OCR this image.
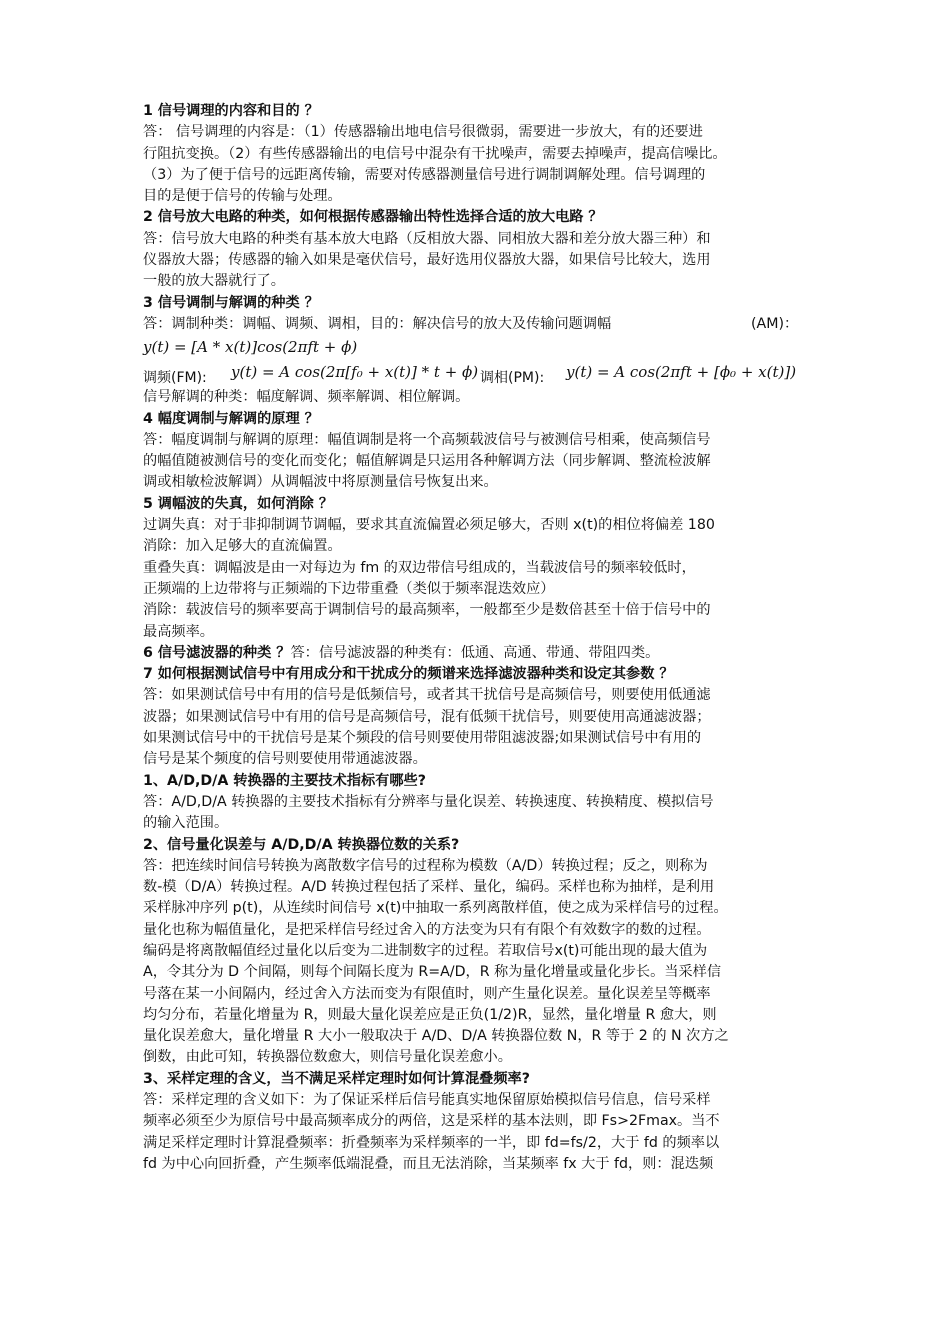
1 信号调理的内容和目的 ？
答： 信号调理的内容是：（1）传感器输出地电信号很微弱，需要进一步放大，有的还要进
行阻抗变换。（2）有些传感器输出的电信号中混杂有干扰噪声，需要去掉噪声，提高信噪比。
（3）为了便于信号的远距离传输，需要对传感器测量信号进行调制调解处理。信号调理的
目的是便于信号的传输与处理。
2 信号放大电路的种类，如何根据传感器输出特性选择合适的放大电路 ？
答：信号放大电路的种类有基本放大电路（反相放大器、同相放大器和差分放大器三种）和
仪器放大器；传感器的输入如果是毫伏信号，最好选用仪器放大器，如果信号比较大，选用
一般的放大器就行了。
3 信号调制与解调的种类 ？
答：调制种类：调幅、调频、调相，目的：解决信号的放大及传输问题调幅	(AM)：
y(t) = [A * x(t)]cos(2πft + ϕ)
调频(FM): y(t) = A cos(2π[f₀ + x(t)] * t + ϕ) 调相(PM): y(t) = A cos(2πft + [ϕ₀ + x(t)])
信号解调的种类：幅度解调、频率解调、相位解调。
4 幅度调制与解调的原理 ？
答：幅度调制与解调的原理：幅值调制是将一个高频载波信号与被测信号相乘，使高频信号
的幅值随被测信号的变化而变化；幅值解调是只运用各种解调方法（同步解调、整流检波解
调或相敏检波解调）从调幅波中将原测量信号恢复出来。
5 调幅波的失真，如何消除 ？
过调失真：对于非抑制调节调幅，要求其直流偏置必须足够大，否则 x(t)的相位将偏差 180
消除：加入足够大的直流偏置。
重叠失真：调幅波是由一对每边为 fm 的双边带信号组成的，当载波信号的频率较低时，
正频端的上边带将与正频端的下边带重叠（类似于频率混迭效应）
消除：载波信号的频率要高于调制信号的最高频率，一般都至少是数倍甚至十倍于信号中的
最高频率。
6 信号滤波器的种类 ？答：信号滤波器的种类有：低通、高通、带通、带阻四类。
7 如何根据测试信号中有用成分和干扰成分的频谱来选择滤波器种类和设定其参数 ？
答：如果测试信号中有用的信号是低频信号，或者其干扰信号是高频信号，则要使用低通滤
波器；如果测试信号中有用的信号是高频信号，混有低频干扰信号，则要使用高通滤波器；
如果测试信号中的干扰信号是某个频段的信号则要使用带阻滤波器;如果测试信号中有用的
信号是某个频度的信号则要使用带通滤波器。
1、A/D,D/A 转换器的主要技术指标有哪些?
答：A/D,D/A 转换器的主要技术指标有分辨率与量化误差、转换速度、转换精度、模拟信号
的输入范围。
2、信号量化误差与 A/D,D/A 转换器位数的关系?
答：把连续时间信号转换为离散数字信号的过程称为模数（A/D）转换过程；反之，则称为
数-模（D/A）转换过程。A/D 转换过程包括了采样、量化，编码。采样也称为抽样，是利用
采样脉冲序列 p(t)，从连续时间信号 x(t)中抽取一系列离散样值，使之成为采样信号的过程。
量化也称为幅值量化，是把采样信号经过舍入的方法变为只有有限个有效数字的数的过程。
编码是将离散幅值经过量化以后变为二进制数字的过程。若取信号x(t)可能出现的最大值为
A，令其分为 D 个间隔，则每个间隔长度为 R=A/D，R 称为量化增量或量化步长。当采样信
号落在某一小间隔内，经过舍入方法而变为有限值时，则产生量化误差。量化误差呈等概率
均匀分布，若量化增量为 R，则最大量化误差应是正负(1/2)R，显然，量化增量 R 愈大，则
量化误差愈大，量化增量 R 大小一般取决于 A/D、D/A 转换器位数 N，R 等于 2 的 N 次方之
倒数，由此可知，转换器位数愈大，则信号量化误差愈小。
3、采样定理的含义，当不满足采样定理时如何计算混叠频率?
答：采样定理的含义如下：为了保证采样后信号能真实地保留原始模拟信号信息，信号采样
频率必须至少为原信号中最高频率成分的两倍，这是采样的基本法则，即 Fs>2Fmax。当不
满足采样定理时计算混叠频率：折叠频率为采样频率的一半，即 fd=fs/2，大于 fd 的频率以
fd 为中心向回折叠，产生频率低端混叠，而且无法消除，当某频率 fx 大于 fd，则：混迭频
